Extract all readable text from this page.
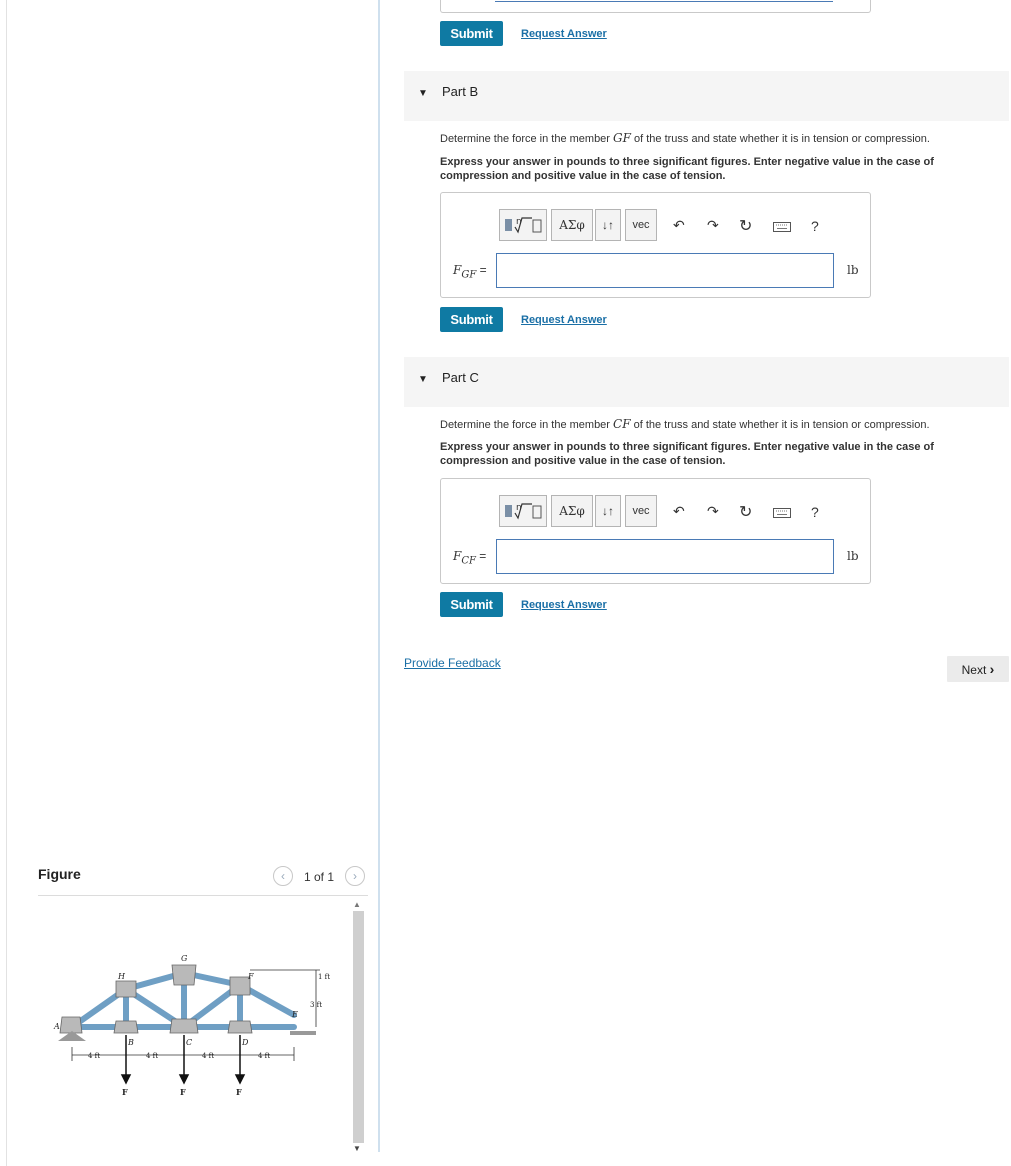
Submit	Request Answer
▼ Part B
Determine the force in the member GF of the truss and state whether it is in tension or compression.
Express your answer in pounds to three significant figures. Enter negative value in the case of compression and positive value in the case of tension.
n	ΑΣφ	↓↑	vec	↶ ↷ ↻	?
$F_{GF}$ =	lb
Submit	Request Answer
▼ Part C
Determine the force in the member CF of the truss and state whether it is in tension or compression.
Express your answer in pounds to three significant figures. Enter negative value in the case of compression and positive value in the case of tension.
n	ΑΣφ	↓↑	vec	↶ ↷ ↻	?
$F_{CF}$ =	lb
Submit	Request Answer
Provide Feedback	Next ›
Figure	‹	1 of 1	›
▲
▼
A
B	C	D
E
F
G
H
4 ft	4 ft	4 ft	4 ft
1 ft
3 ft
F	F	F
